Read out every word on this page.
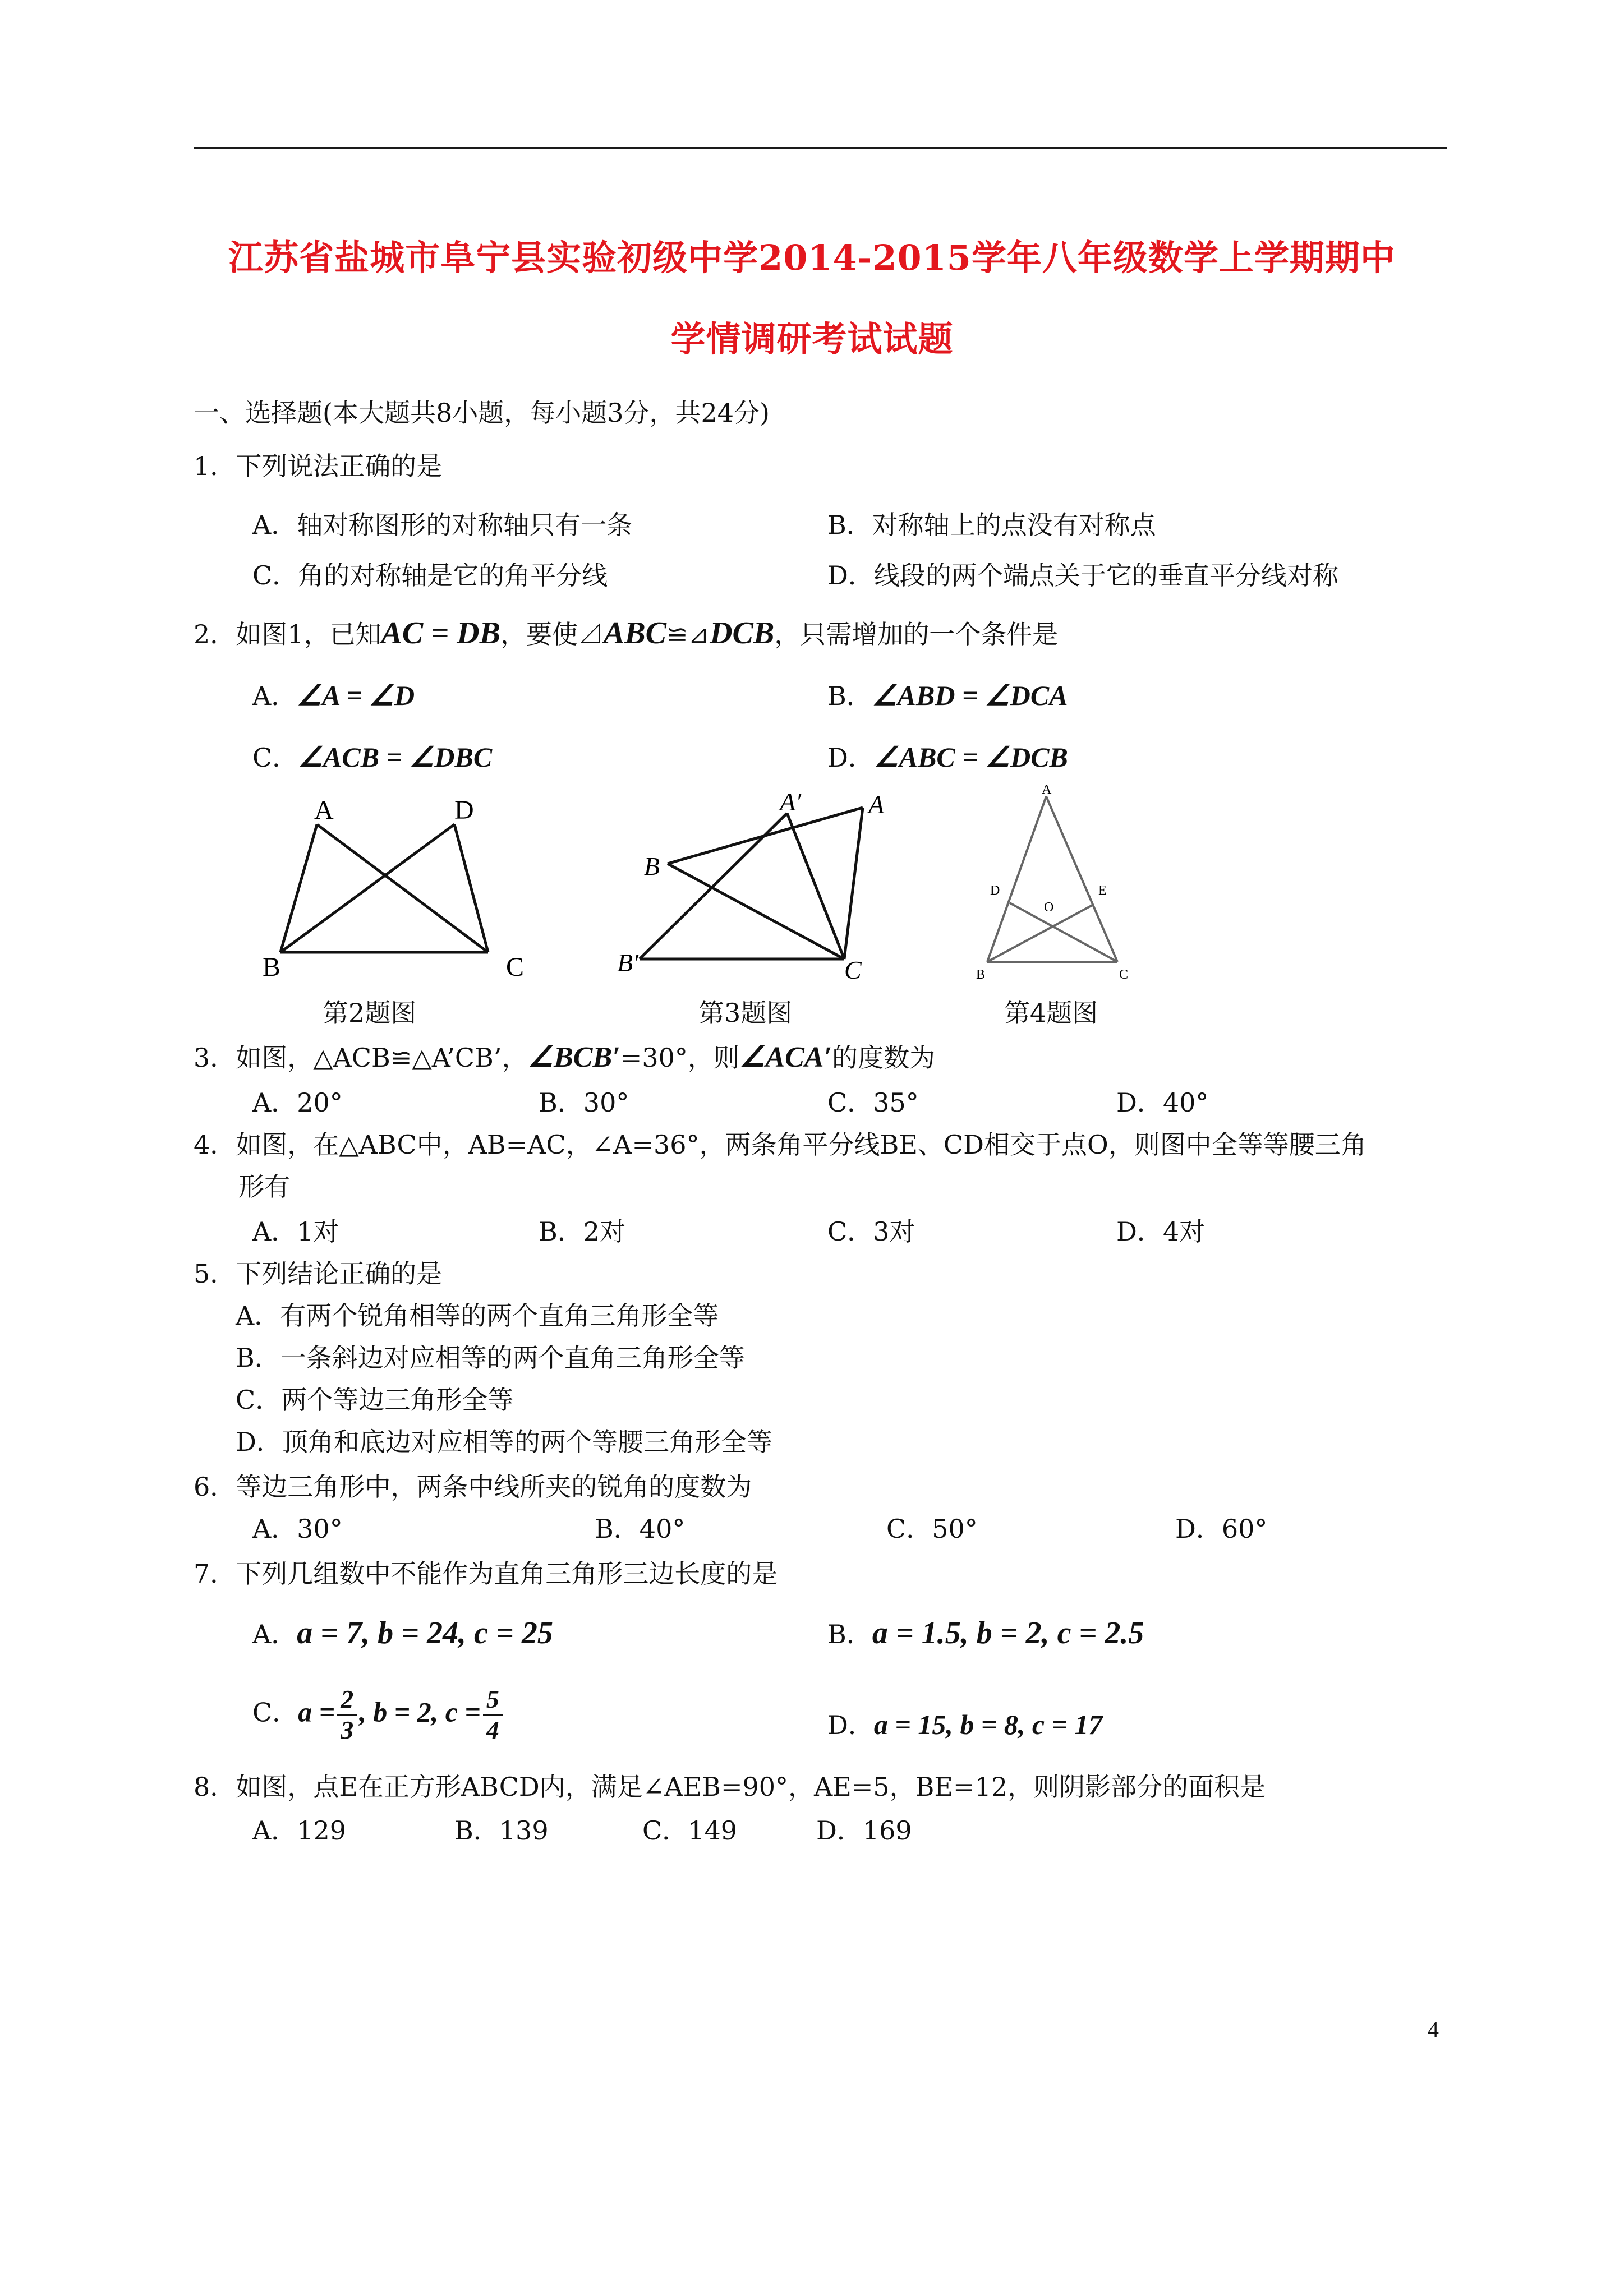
江苏省盐城市阜宁县实验初级中学2014-2015学年八年级数学上学期期中
学情调研考试试题
一、选择题(本大题共8小题，每小题3分，共24分)
1．下列说法正确的是
A．轴对称图形的对称轴只有一条	B．对称轴上的点没有对称点
C．角的对称轴是它的角平分线	D．线段的两个端点关于它的垂直平分线对称
2．如图1，已知AC = DB，要使⊿ABC≌⊿DCB，只需增加的一个条件是
A．∠A = ∠D	B．∠ABD = ∠DCA
C．∠ACB = ∠DBC	D．∠ABC = ∠DCB
A	D
B	C
第2题图
A′	A
B
B′	C
第3题图
A
D	E
O
B	C
第4题图
3．如图，△ACB≌△A’CB’，∠BCB′=30°，则∠ACA′的度数为
A．20°	B．30°	C．35°	D．40°
4．如图，在△ABC中，AB=AC，∠A=36°，两条角平分线BE、CD相交于点O，则图中全等等腰三角
形有
A．1对	B．2对	C．3对	D．4对
5．下列结论正确的是
A．有两个锐角相等的两个直角三角形全等
B．一条斜边对应相等的两个直角三角形全等
C．两个等边三角形全等
D．顶角和底边对应相等的两个等腰三角形全等
6．等边三角形中，两条中线所夹的锐角的度数为
A．30°	B．40°	C．50°	D．60°
7．下列几组数中不能作为直角三角形三边长度的是
A．a = 7, b = 24, c = 25	B．a = 1.5, b = 2, c = 2.5
C．$a = \frac{2}{3}$ , b = 2, $c = \frac{5}{4}$	D．a = 15, b = 8, c = 17
8．如图，点E在正方形ABCD内，满足∠AEB=90°，AE=5，BE=12，则阴影部分的面积是
A．129	B．139	C．149	D．169
4
